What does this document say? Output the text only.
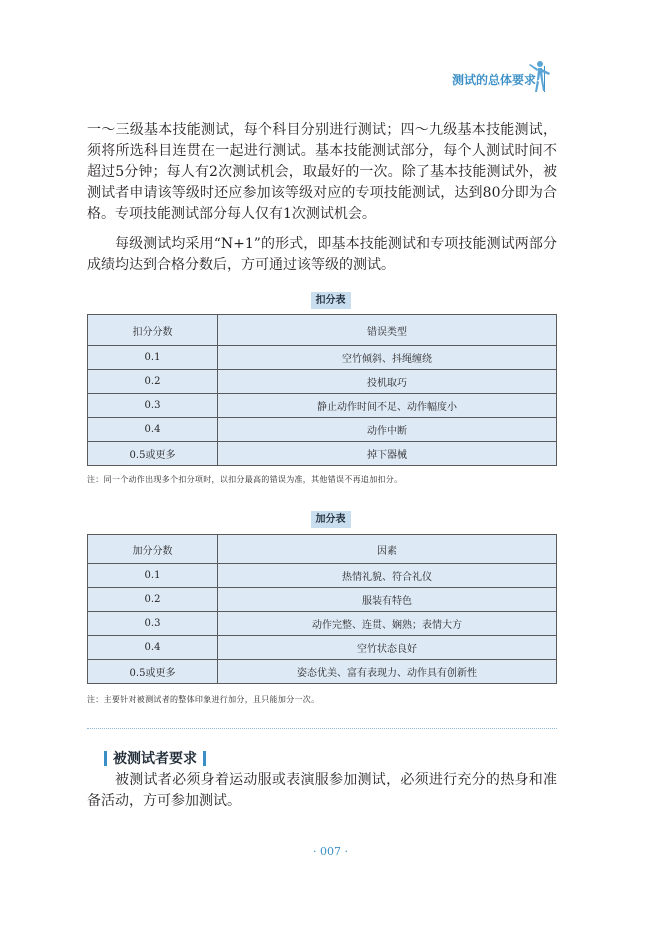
测试的总体要求
一～三级基本技能测试，每个科目分别进行测试；四～九级基本技能测试，须将所选科目连贯在一起进行测试。基本技能测试部分，每个人测试时间不超过5分钟；每人有2次测试机会，取最好的一次。除了基本技能测试外，被测试者申请该等级时还应参加该等级对应的专项技能测试，达到80分即为合格。专项技能测试部分每人仅有1次测试机会。
每级测试均采用“N+1”的形式，即基本技能测试和专项技能测试两部分成绩均达到合格分数后，方可通过该等级的测试。
扣分表
扣分分数	错误类型
0.1	空竹倾斜、抖绳缠绕
0.2	投机取巧
0.3	静止动作时间不足、动作幅度小
0.4	动作中断
0.5或更多	掉下器械
注：同一个动作出现多个扣分项时，以扣分最高的错误为准，其他错误不再追加扣分。
加分表
加分分数	因素
0.1	热情礼貌、符合礼仪
0.2	服装有特色
0.3	动作完整、连贯、娴熟；表情大方
0.4	空竹状态良好
0.5或更多	姿态优美、富有表现力、动作具有创新性
注：主要针对被测试者的整体印象进行加分，且只能加分一次。
被测试者要求
被测试者必须身着运动服或表演服参加测试，必须进行充分的热身和准备活动，方可参加测试。
· 007 ·
